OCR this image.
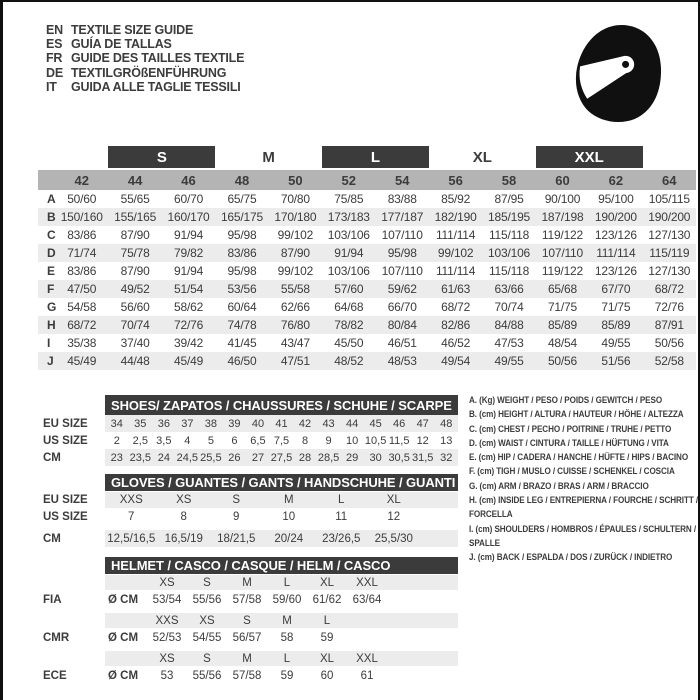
EN TEXTILE SIZE GUIDE
ES GUÍA DE TALLAS
FR GUIDE DES TAILLES TEXTILE
DE TEXTILGRÖßENFÜHRUNG
IT	GUIDA ALLE TAGLIE TESSILI
S	M	L	XL	XXL
42	44	46	48	50	52	54	56	58	60	62	64
A 50/60	55/65	60/70	65/75	70/80	75/85	83/88	85/92	87/95	90/100	95/100	105/115
B 150/160 155/165 160/170 165/175 170/180 173/183 177/187 182/190 185/195 187/198 190/200 190/200
C 83/86	87/90	91/94	95/98	99/102	103/106 107/110	111/114	115/118	119/122 123/126 127/130
D 71/74	75/78	79/82	83/86	87/90	91/94	95/98	99/102	103/106 107/110	111/114	115/119
E	83/86	87/90	91/94	95/98	99/102	103/106 107/110	111/114	115/118	119/122 123/126 127/130
F	47/50	49/52	51/54	53/56	55/58	57/60	59/62	61/63	63/66	65/68	67/70	68/72
G 54/58	56/60	58/62	60/64	62/66	64/68	66/70	68/72	70/74	71/75	71/75	72/76
H 68/72	70/74	72/76	74/78	76/80	78/82	80/84	82/86	84/88	85/89	85/89	87/91
I	35/38	37/40	39/42	41/45	43/47	45/50	46/51	46/52	47/53	48/54	49/55	50/56
J	45/49	44/48	45/49	46/50	47/51	48/52	48/53	49/54	49/55	50/56	51/56	52/58
SHOES/ ZAPATOS / CHAUSSURES / SCHUHE / SCARPE
EU SIZE	34	35	36	37	38	39	40	41	42	43	44	45	46	47	48
US SIZE	2	2,5 3,5	4	5	6	6,5 7,5	8	9	10 10,5 11,5 12	13
CM	23 23,5 24 24,5 25,5 26	27 27,5 28 28,5 29	30 30,5 31,5 32
GLOVES / GUANTES / GANTS / HANDSCHUHE / GUANTI
EU SIZE	XXS	XS	S	M	L	XL
US SIZE	7	8	9	10	11	12
CM	12,5/16,5 16,5/19	18/21,5	20/24	23/26,5	25,5/30
HELMET / CASCO / CASQUE / HELM / CASCO
XS	S	M	L	XL	XXL
FIA	Ø CM	53/54 55/56 57/58 59/60 61/62 63/64
XXS	XS	S	M	L
CMR	Ø CM	52/53 54/55 56/57	58	59
XS	S	M	L	XL	XXL
ECE	Ø CM	53	55/56 57/58	59	60	61
A. (Kg) WEIGHT / PESO / POIDS / GEWITCH / PESO
B. (cm) HEIGHT / ALTURA / HAUTEUR / HÖHE / ALTEZZA
C. (cm) CHEST / PECHO / POITRINE / TRUHE / PETTO
D. (cm) WAIST / CINTURA / TAILLE / HÜFTUNG / VITA
E. (cm) HIP / CADERA / HANCHE / HÜFTE / HIPS / BACINO
F. (cm) TIGH / MUSLO / CUISSE / SCHENKEL / COSCIA
G. (cm) ARM / BRAZO / BRAS / ARM / BRACCIO
H. (cm) INSIDE LEG / ENTREPIERNA / FOURCHE / SCHRITT / FORCELLA
I. (cm) SHOULDERS / HOMBROS / ÉPAULES / SCHULTERN / SPALLE
J. (cm) BACK / ESPALDA / DOS / ZURÜCK / INDIETRO
